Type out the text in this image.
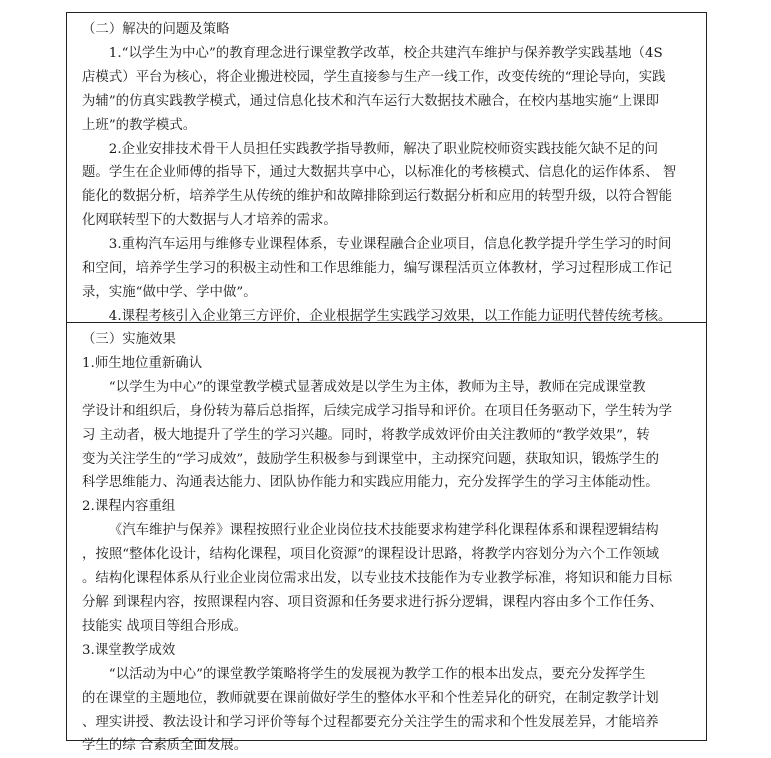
（二）解决的问题及策略
1.“以学生为中心”的教育理念进行课堂教学改革，校企共建汽车维护与保养教学实践基地（4S
店模式）平台为核心，将企业搬进校园，学生直接参与生产一线工作，改变传统的“理论导向，实践
为辅”的仿真实践教学模式，通过信息化技术和汽车运行大数据技术融合，在校内基地实施“上课即
上班”的教学模式。
2.企业安排技术骨干人员担任实践教学指导教师，解决了职业院校师资实践技能欠缺不足的问
题。学生在企业师傅的指导下，通过大数据共享中心，以标准化的考核模式、信息化的运作体系、 智
能化的数据分析，培养学生从传统的维护和故障排除到运行数据分析和应用的转型升级，以符合智能
化网联转型下的大数据与人才培养的需求。
3.重构汽车运用与维修专业课程体系，专业课程融合企业项目，信息化教学提升学生学习的时间
和空间，培养学生学习的积极主动性和工作思维能力，编写课程活页立体教材，学习过程形成工作记
录，实施“做中学、学中做”。
4.课程考核引入企业第三方评价，企业根据学生实践学习效果，以工作能力证明代替传统考核。
（三）实施效果
1.师生地位重新确认
“以学生为中心”的课堂教学模式显著成效是以学生为主体，教师为主导，教师在完成课堂教
学设计和组织后，身份转为幕后总指挥，后续完成学习指导和评价。在项目任务驱动下，学生转为学
习 主动者，极大地提升了学生的学习兴趣。同时，将教学成效评价由关注教师的“教学效果”，转
变为关注学生的“学习成效”，鼓励学生积极参与到课堂中，主动探究问题，获取知识，锻炼学生的
科学思维能力、沟通表达能力、团队协作能力和实践应用能力，充分发挥学生的学习主体能动性。
2.课程内容重组
《汽车维护与保养》课程按照行业企业岗位技术技能要求构建学科化课程体系和课程逻辑结构
，按照“整体化设计，结构化课程，项目化资源”的课程设计思路，将教学内容划分为六个工作领域
。结构化课程体系从行业企业岗位需求出发，以专业技术技能作为专业教学标准，将知识和能力目标
分解 到课程内容，按照课程内容、项目资源和任务要求进行拆分逻辑，课程内容由多个工作任务、
技能实 战项目等组合形成。
3.课堂教学成效
“以活动为中心”的课堂教学策略将学生的发展视为教学工作的根本出发点，要充分发挥学生
的在课堂的主题地位，教师就要在课前做好学生的整体水平和个性差异化的研究，在制定教学计划
、理实讲授、教法设计和学习评价等每个过程都要充分关注学生的需求和个性发展差异，才能培养
学生的综 合素质全面发展。
